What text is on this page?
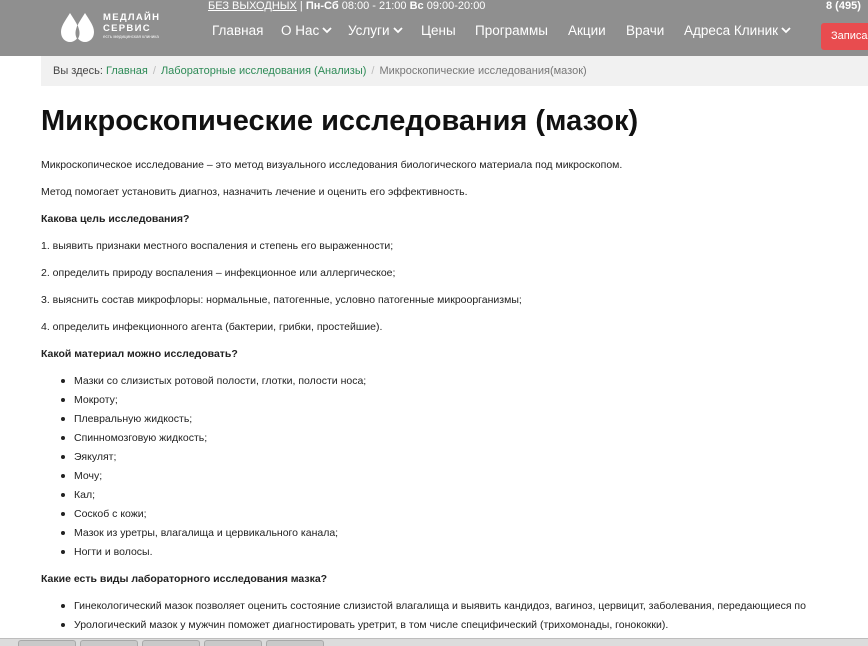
МЕДЛАЙН
СЕРВИС
есть медицинская клиника
БЕЗ ВЫХОДНЫХ | Пн-Сб 08:00 - 21:00 Вс 09:00-20:00	8 (495)
Главная О Нас	Услуги	Цены Программы Акции Врачи Адреса Клиник	Записа
Вы здесь: Главная / Лабораторные исследования (Анализы) / Микроскопические исследования(мазок)
Микроскопические исследования (мазок)
Микроскопическое исследование – это метод визуального исследования биологического материала под микроскопом.
Метод помогает установить диагноз, назначить лечение и оценить его эффективность.
Какова цель исследования?
1. выявить признаки местного воспаления и степень его выраженности;
2. определить природу воспаления – инфекционное или аллергическое;
3. выяснить состав микрофлоры: нормальные, патогенные, условно патогенные микроорганизмы;
4. определить инфекционного агента (бактерии, грибки, простейшие).
Какой материал можно исследовать?
Мазки со слизистых ротовой полости, глотки, полости носа;
Мокроту;
Плевральную жидкость;
Спинномозговую жидкость;
Эякулят;
Мочу;
Кал;
Соскоб с кожи;
Мазок из уретры, влагалища и цервикального канала;
Ногти и волосы.
Какие есть виды лабораторного исследования мазка?
Гинекологический мазок позволяет оценить состояние слизистой влагалища и выявить кандидоз, вагиноз, цервицит, заболевания, передающиеся по
Урологический мазок у мужчин поможет диагностировать уретрит, в том числе специфический (трихомонады, гонококки).
